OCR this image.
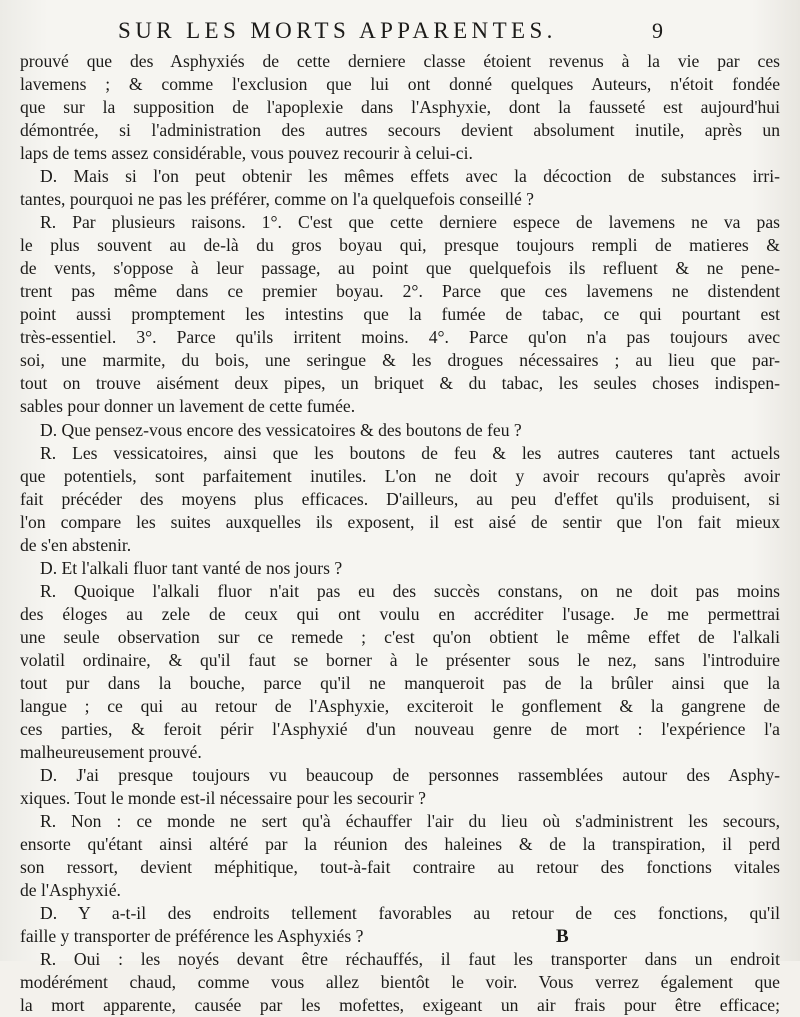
SUR LES MORTS APPARENTES.	9
prouvé que des Asphyxiés de cette derniere classe étoient revenus à la vie par ces
lavemens ; & comme l'exclusion que lui ont donné quelques Auteurs, n'étoit fondée
que sur la supposition de l'apoplexie dans l'Asphyxie, dont la fausseté est aujourd'hui
démontrée, si l'administration des autres secours devient absolument inutile, après un
laps de tems assez considérable, vous pouvez recourir à celui-ci.
D. Mais si l'on peut obtenir les mêmes effets avec la décoction de substances irri-
tantes, pourquoi ne pas les préférer, comme on l'a quelquefois conseillé ?
R. Par plusieurs raisons. 1°. C'est que cette derniere espece de lavemens ne va pas
le plus souvent au de-là du gros boyau qui, presque toujours rempli de matieres &
de vents, s'oppose à leur passage, au point que quelquefois ils refluent & ne pene-
trent pas même dans ce premier boyau. 2°. Parce que ces lavemens ne distendent
point aussi promptement les intestins que la fumée de tabac, ce qui pourtant est
très-essentiel. 3°. Parce qu'ils irritent moins. 4°. Parce qu'on n'a pas toujours avec
soi, une marmite, du bois, une seringue & les drogues nécessaires ; au lieu que par-
tout on trouve aisément deux pipes, un briquet & du tabac, les seules choses indispen-
sables pour donner un lavement de cette fumée.
D. Que pensez-vous encore des vessicatoires & des boutons de feu ?
R. Les vessicatoires, ainsi que les boutons de feu & les autres cauteres tant actuels
que potentiels, sont parfaitement inutiles. L'on ne doit y avoir recours qu'après avoir
fait précéder des moyens plus efficaces. D'ailleurs, au peu d'effet qu'ils produisent, si
l'on compare les suites auxquelles ils exposent, il est aisé de sentir que l'on fait mieux
de s'en abstenir.
D. Et l'alkali fluor tant vanté de nos jours ?
R. Quoique l'alkali fluor n'ait pas eu des succès constans, on ne doit pas moins
des éloges au zele de ceux qui ont voulu en accréditer l'usage. Je me permettrai
une seule observation sur ce remede ; c'est qu'on obtient le même effet de l'alkali
volatil ordinaire, & qu'il faut se borner à le présenter sous le nez, sans l'introduire
tout pur dans la bouche, parce qu'il ne manqueroit pas de la brûler ainsi que la
langue ; ce qui au retour de l'Asphyxie, exciteroit le gonflement & la gangrene de
ces parties, & feroit périr l'Asphyxié d'un nouveau genre de mort : l'expérience l'a
malheureusement prouvé.
D. J'ai presque toujours vu beaucoup de personnes rassemblées autour des Asphy-
xiques. Tout le monde est-il nécessaire pour les secourir ?
R. Non : ce monde ne sert qu'à échauffer l'air du lieu où s'administrent les secours,
ensorte qu'étant ainsi altéré par la réunion des haleines & de la transpiration, il perd
son ressort, devient méphitique, tout-à-fait contraire au retour des fonctions vitales
de l'Asphyxié.
D. Y a-t-il des endroits tellement favorables au retour de ces fonctions, qu'il
faille y transporter de préférence les Asphyxiés ?
R. Oui : les noyés devant être réchauffés, il faut les transporter dans un endroit
modérément chaud, comme vous allez bientôt le voir. Vous verrez également que
la mort apparente, causée par les mofettes, exigeant un air frais pour être efficace;
B
